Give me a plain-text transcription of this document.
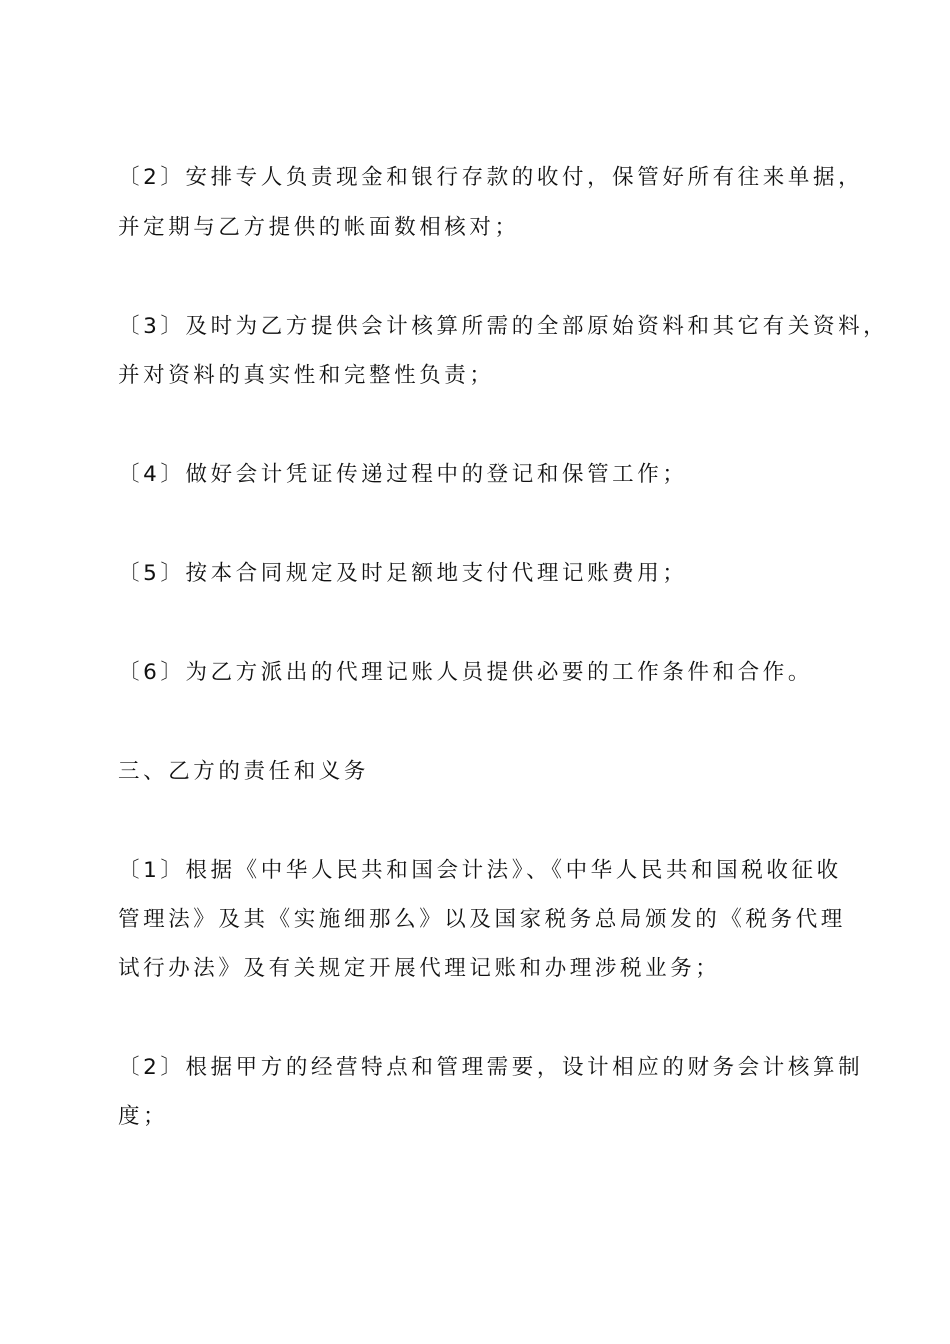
〔2〕安排专人负责现金和银行存款的收付，保管好所有往来单据，
并定期与乙方提供的帐面数相核对；
〔3〕及时为乙方提供会计核算所需的全部原始资料和其它有关资料，
并对资料的真实性和完整性负责；
〔4〕做好会计凭证传递过程中的登记和保管工作；
〔5〕按本合同规定及时足额地支付代理记账费用；
〔6〕为乙方派出的代理记账人员提供必要的工作条件和合作。
三、乙方的责任和义务
〔1〕根据《中华人民共和国会计法》、《中华人民共和国税收征收
管理法》及其《实施细那么》以及国家税务总局颁发的《税务代理
试行办法》及有关规定开展代理记账和办理涉税业务；
〔2〕根据甲方的经营特点和管理需要，设计相应的财务会计核算制
度；
